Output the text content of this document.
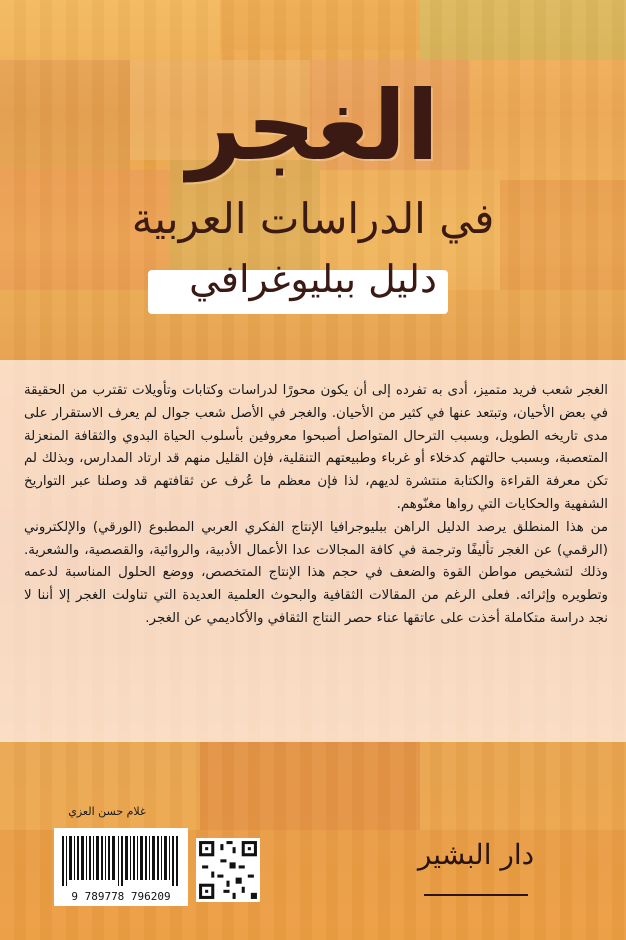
الغجر
في الدراسات العربية
دليل ببليوغرافي

الغجر شعب فريد متميز، أدى به تفرده إلى أن يكون محورًا لدراسات وكتابات وتأويلات تقترب من الحقيقة في بعض الأحيان، وتبتعد عنها في كثير من الأحيان. والغجر في الأصل شعب جوال لم يعرف الاستقرار على مدى تاريخه الطويل، وبسبب الترحال المتواصل أصبحوا معروفين بأسلوب الحياة البدوي والثقافة المنعزلة المتعصبة، وبسبب حالتهم كدخلاء أو غرباء وطبيعتهم التنقلية، فإن القليل منهم قد ارتاد المدارس، وبذلك لم تكن معرفة القراءة والكتابة منتشرة لديهم، لذا فإن معظم ما عُرف عن ثقافتهم قد وصلنا عبر التواريخ الشفهية والحكايات التي رواها مغنّوهم.

من هذا المنطلق يرصد الدليل الراهن ببليوجرافيا الإنتاج الفكري العربي المطبوع (الورقي) والإلكتروني (الرقمي) عن الغجر تأليفًا وترجمة في كافة المجالات عدا الأعمال الأدبية، والروائية، والقصصية، والشعرية. وذلك لتشخيص مواطن القوة والضعف في حجم هذا الإنتاج المتخصص، ووضع الحلول المناسبة لدعمه وتطويره وإثرائه. فعلى الرغم من المقالات الثقافية والبحوث العلمية العديدة التي تناولت الغجر إلا أننا لا نجد دراسة متكاملة أخذت على عاتقها عناء حصر النتاج الثقافي والأكاديمي عن الغجر.

غلام حسن العزي
9 789778 796209
دار البشير
